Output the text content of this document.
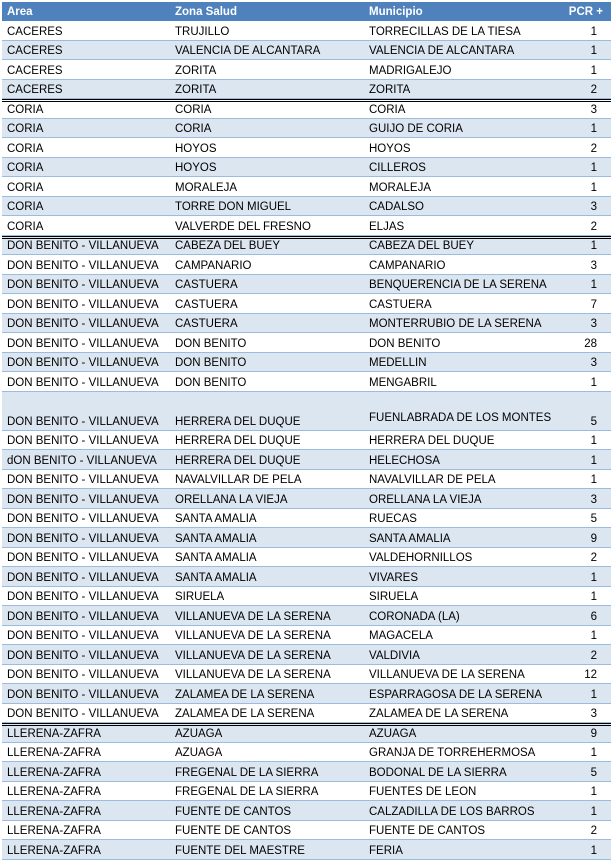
Área	Zona Salud	Municipio	PCR +
CÁCERES	TRUJILLO	TORRECILLAS DE LA TIESA	1
CÁCERES	VALENCIA DE ALCANTARA	VALENCIA DE ALCANTARA	1
CÁCERES	ZORITA	MADRIGALEJO	1
CÁCERES	ZORITA	ZORITA	2
CORIA	CORIA	CORIA	3
CORIA	CORIA	GUIJO DE CORIA	1
CORIA	HOYOS	HOYOS	2
CORIA	HOYOS	CILLEROS	1
CORIA	MORALEJA	MORALEJA	1
CORIA	TORRE DON MIGUEL	CADALSO	3
CORIA	VALVERDE DEL FRESNO	ELJAS	2
DON BENITO - VILLANUEVA	CABEZA DEL BUEY	CABEZA DEL BUEY	1
DON BENITO - VILLANUEVA	CAMPANARIO	CAMPANARIO	3
DON BENITO - VILLANUEVA	CASTUERA	BENQUERENCIA DE LA SERENA	1
DON BENITO - VILLANUEVA	CASTUERA	CASTUERA	7
DON BENITO - VILLANUEVA	CASTUERA	MONTERRUBIO DE LA SERENA	3
DON BENITO - VILLANUEVA	DON BENITO	DON BENITO	28
DON BENITO - VILLANUEVA	DON BENITO	MEDELLIN	3
DON BENITO - VILLANUEVA	DON BENITO	MENGABRIL	1
DON BENITO - VILLANUEVA	HERRERA DEL DUQUE	FUENLABRADA DE LOS MONTES	5
DON BENITO - VILLANUEVA	HERRERA DEL DUQUE	HERRERA DEL DUQUE	1
dON BENITO - VILLANUEVA	HERRERA DEL DUQUE	HELECHOSA	1
DON BENITO - VILLANUEVA	NAVALVILLAR DE PELA	NAVALVILLAR DE PELA	1
DON BENITO - VILLANUEVA	ORELLANA LA VIEJA	ORELLANA LA VIEJA	3
DON BENITO - VILLANUEVA	SANTA AMALIA	RUECAS	5
DON BENITO - VILLANUEVA	SANTA AMALIA	SANTA AMALIA	9
DON BENITO - VILLANUEVA	SANTA AMALIA	VALDEHORNILLOS	2
DON BENITO - VILLANUEVA	SANTA AMALIA	VIVARES	1
DON BENITO - VILLANUEVA	SIRUELA	SIRUELA	1
DON BENITO - VILLANUEVA	VILLANUEVA DE LA SERENA	CORONADA (LA)	6
DON BENITO - VILLANUEVA	VILLANUEVA DE LA SERENA	MAGACELA	1
DON BENITO - VILLANUEVA	VILLANUEVA DE LA SERENA	VALDIVIA	2
DON BENITO - VILLANUEVA	VILLANUEVA DE LA SERENA	VILLANUEVA DE LA SERENA	12
DON BENITO - VILLANUEVA	ZALAMEA DE LA SERENA	ESPARRAGOSA DE LA SERENA	1
DON BENITO - VILLANUEVA	ZALAMEA DE LA SERENA	ZALAMEA DE LA SERENA	3
LLERENA-ZAFRA	AZUAGA	AZUAGA	9
LLERENA-ZAFRA	AZUAGA	GRANJA DE TORREHERMOSA	1
LLERENA-ZAFRA	FREGENAL DE LA SIERRA	BODONAL DE LA SIERRA	5
LLERENA-ZAFRA	FREGENAL DE LA SIERRA	FUENTES DE LEON	1
LLERENA-ZAFRA	FUENTE DE CANTOS	CALZADILLA DE LOS BARROS	1
LLERENA-ZAFRA	FUENTE DE CANTOS	FUENTE DE CANTOS	2
LLERENA-ZAFRA	FUENTE DEL MAESTRE	FERIA	1
